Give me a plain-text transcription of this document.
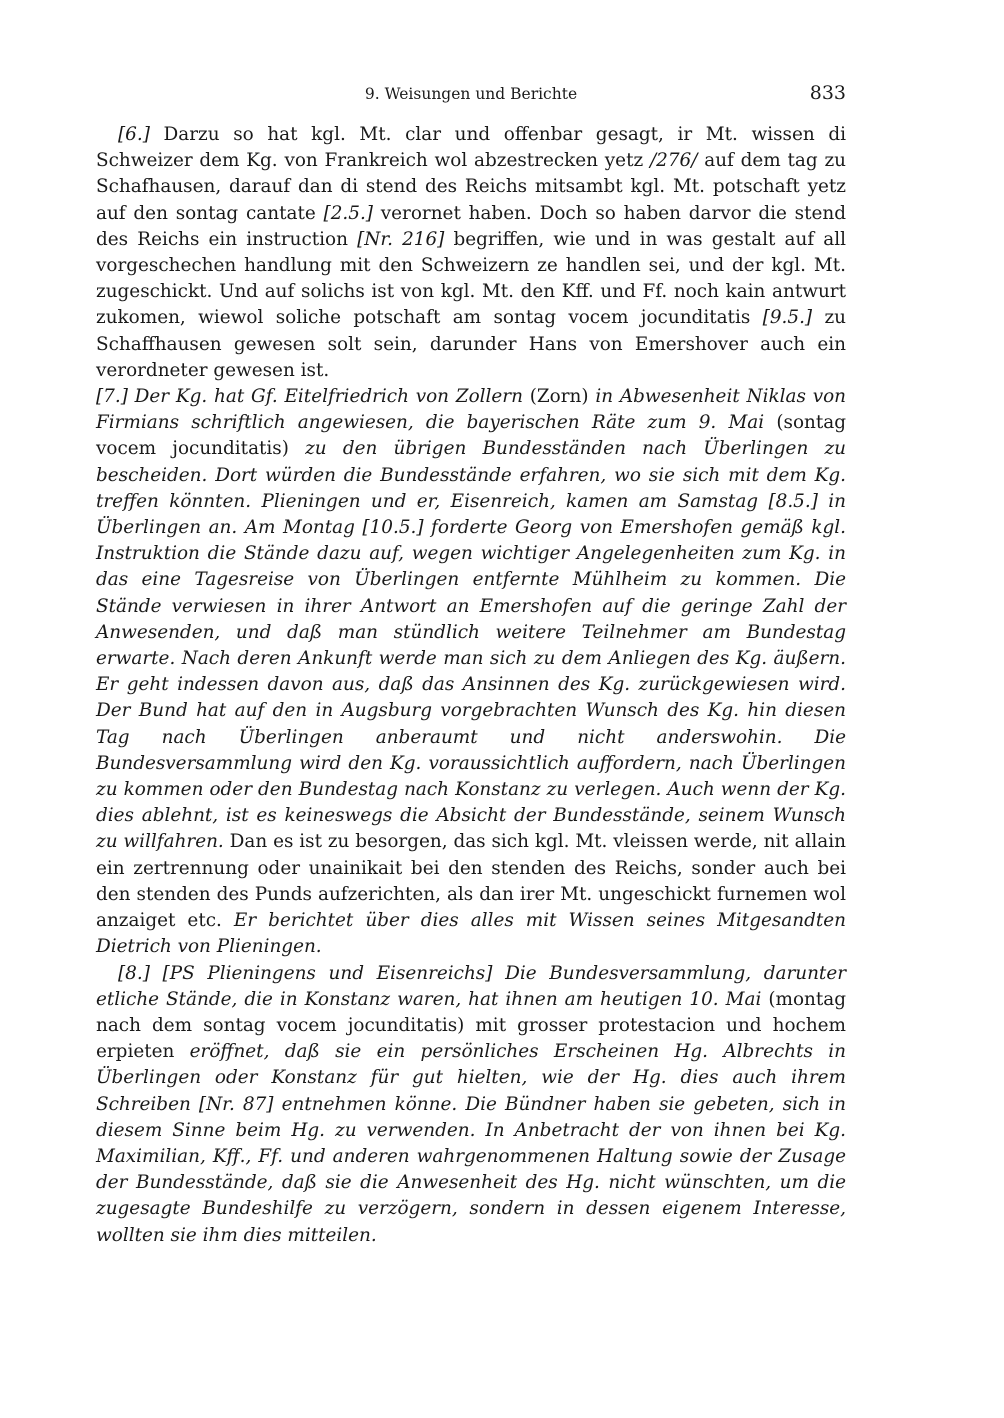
9. Weisungen und Berichte	833

[6.] Darzu so hat kgl. Mt. clar und offenbar gesagt, ir Mt. wissen di Schweizer dem Kg. von Frankreich wol abzestrecken yetz /276/ auf dem tag zu Schafhausen, darauf dan di stend des Reichs mitsambt kgl. Mt. potschaft yetz auf den sontag cantate [2.5.] verornet haben. Doch so haben darvor die stend des Reichs ein instruction [Nr. 216] begriffen, wie und in was gestalt auf all vorgeschechen handlung mit den Schweizern ze handlen sei, und der kgl. Mt. zugeschickt. Und auf solichs ist von kgl. Mt. den Kff. und Ff. noch kain antwurt zukomen, wiewol soliche potschaft am sontag vocem jocunditatis [9.5.] zu Schaffhausen gewesen solt sein, darunder Hans von Emershover auch ein verordneter gewesen ist.

[7.] Der Kg. hat Gf. Eitelfriedrich von Zollern (Zorn) in Abwesenheit Niklas von Firmians schriftlich angewiesen, die bayerischen Räte zum 9. Mai (sontag vocem jocunditatis) zu den übrigen Bundesständen nach Überlingen zu bescheiden. Dort würden die Bundesstände erfahren, wo sie sich mit dem Kg. treffen könnten. Plieningen und er, Eisenreich, kamen am Samstag [8.5.] in Überlingen an. Am Montag [10.5.] forderte Georg von Emershofen gemäß kgl. Instruktion die Stände dazu auf, wegen wichtiger Angelegenheiten zum Kg. in das eine Tagesreise von Überlingen entfernte Mühlheim zu kommen. Die Stände verwiesen in ihrer Antwort an Emershofen auf die geringe Zahl der Anwesenden, und daß man stündlich weitere Teilnehmer am Bundestag erwarte. Nach deren Ankunft werde man sich zu dem Anliegen des Kg. äußern. Er geht indessen davon aus, daß das Ansinnen des Kg. zurückgewiesen wird. Der Bund hat auf den in Augsburg vorgebrachten Wunsch des Kg. hin diesen Tag nach Überlingen anberaumt und nicht anderswohin. Die Bundesversammlung wird den Kg. voraussichtlich auffordern, nach Überlingen zu kommen oder den Bundestag nach Konstanz zu verlegen. Auch wenn der Kg. dies ablehnt, ist es keineswegs die Absicht der Bundesstände, seinem Wunsch zu willfahren. Dan es ist zu besorgen, das sich kgl. Mt. vleissen werde, nit allain ein zertrennung oder unainikait bei den stenden des Reichs, sonder auch bei den stenden des Punds aufzerichten, als dan irer Mt. ungeschickt furnemen wol anzaiget etc. Er berichtet über dies alles mit Wissen seines Mitgesandten Dietrich von Plieningen.

[8.] [PS Plieningens und Eisenreichs] Die Bundesversammlung, darunter etliche Stände, die in Konstanz waren, hat ihnen am heutigen 10. Mai (montag nach dem sontag vocem jocunditatis) mit grosser protestacion und hochem erpieten eröffnet, daß sie ein persönliches Erscheinen Hg. Albrechts in Überlingen oder Konstanz für gut hielten, wie der Hg. dies auch ihrem Schreiben [Nr. 87] entnehmen könne. Die Bündner haben sie gebeten, sich in diesem Sinne beim Hg. zu verwenden. In Anbetracht der von ihnen bei Kg. Maximilian, Kff., Ff. und anderen wahrgenommenen Haltung sowie der Zusage der Bundesstände, daß sie die Anwesenheit des Hg. nicht wünschten, um die zugesagte Bundeshilfe zu verzögern, sondern in dessen eigenem Interesse, wollten sie ihm dies mitteilen.
